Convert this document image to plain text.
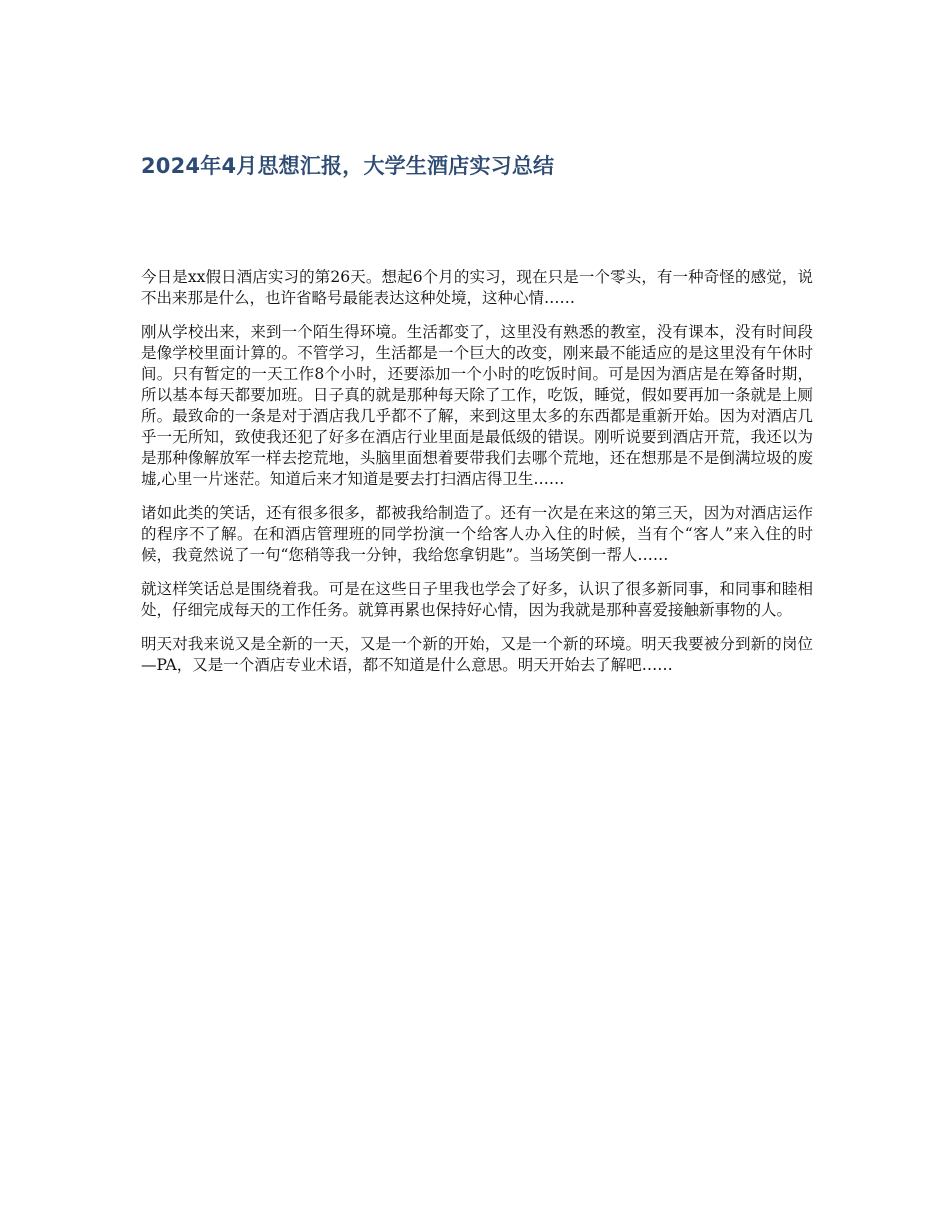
2024年4月思想汇报，大学生酒店实习总结

今日是xx假日酒店实习的第26天。想起6个月的实习，现在只是一个零头，有一种奇怪的感觉，说不出来那是什么，也许省略号最能表达这种处境，这种心情……

刚从学校出来，来到一个陌生得环境。生活都变了，这里没有熟悉的教室，没有课本，没有时间段是像学校里面计算的。不管学习，生活都是一个巨大的改变，刚来最不能适应的是这里没有午休时间。只有暂定的一天工作8个小时，还要添加一个小时的吃饭时间。可是因为酒店是在筹备时期，所以基本每天都要加班。日子真的就是那种每天除了工作，吃饭，睡觉，假如要再加一条就是上厕所。最致命的一条是对于酒店我几乎都不了解，来到这里太多的东西都是重新开始。因为对酒店几乎一无所知，致使我还犯了好多在酒店行业里面是最低级的错误。刚听说要到酒店开荒，我还以为是那种像解放军一样去挖荒地，头脑里面想着要带我们去哪个荒地，还在想那是不是倒满垃圾的废墟,心里一片迷茫。知道后来才知道是要去打扫酒店得卫生……

诸如此类的笑话，还有很多很多，都被我给制造了。还有一次是在来这的第三天，因为对酒店运作的程序不了解。在和酒店管理班的同学扮演一个给客人办入住的时候，当有个“客人”来入住的时候，我竟然说了一句“您稍等我一分钟，我给您拿钥匙”。当场笑倒一帮人……

就这样笑话总是围绕着我。可是在这些日子里我也学会了好多，认识了很多新同事，和同事和睦相处，仔细完成每天的工作任务。就算再累也保持好心情，因为我就是那种喜爱接触新事物的人。

明天对我来说又是全新的一天，又是一个新的开始，又是一个新的环境。明天我要被分到新的岗位—PA，又是一个酒店专业术语，都不知道是什么意思。明天开始去了解吧……
